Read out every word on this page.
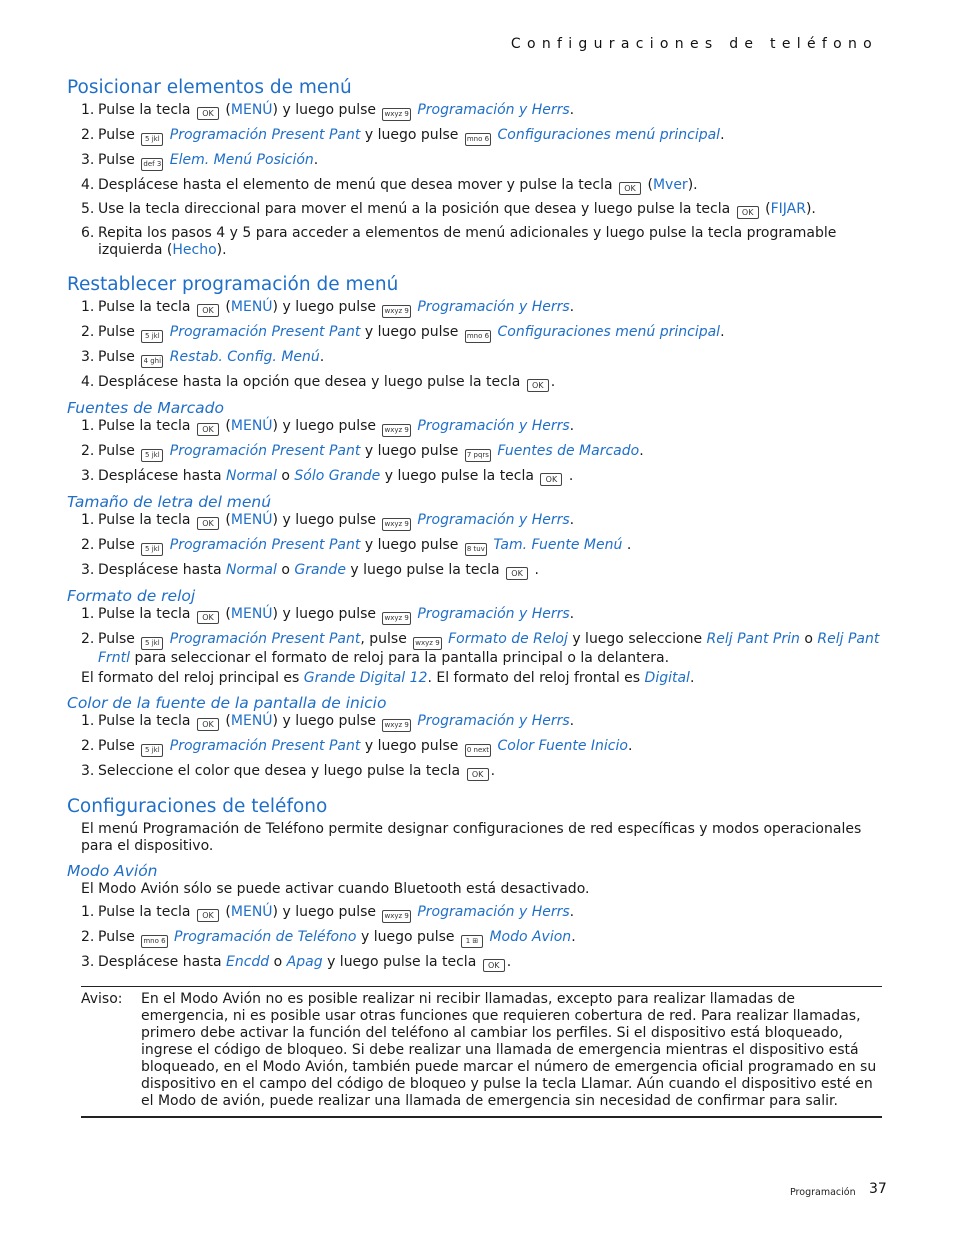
Configuraciones de teléfono
Posicionar elementos de menú
1. Pulse la tecla OK (MENÚ) y luego pulse wxyz 9 Programación y Herrs.
2. Pulse 5 jkl Programación Present Pant y luego pulse mno 6 Configuraciones menú principal.
3. Pulse def 3 Elem. Menú Posición.
4. Desplácese hasta el elemento de menú que desea mover y pulse la tecla OK (Mver).
5. Use la tecla direccional para mover el menú a la posición que desea y luego pulse la tecla OK (FIJAR).
6. Repita los pasos 4 y 5 para acceder a elementos de menú adicionales y luego pulse la tecla programable izquierda (Hecho).
Restablecer programación de menú
1. Pulse la tecla OK (MENÚ) y luego pulse wxyz 9 Programación y Herrs.
2. Pulse 5 jkl Programación Present Pant y luego pulse mno 6 Configuraciones menú principal.
3. Pulse 4 ghi Restab. Config. Menú.
4. Desplácese hasta la opción que desea y luego pulse la tecla OK .
Fuentes de Marcado
1. Pulse la tecla OK (MENÚ) y luego pulse wxyz 9 Programación y Herrs.
2. Pulse 5 jkl Programación Present Pant y luego pulse 7 pqrs Fuentes de Marcado.
3. Desplácese hasta Normal o Sólo Grande y luego pulse la tecla OK .
Tamaño de letra del menú
1. Pulse la tecla OK (MENÚ) y luego pulse wxyz 9 Programación y Herrs.
2. Pulse 5 jkl Programación Present Pant y luego pulse 8 tuv Tam. Fuente Menú .
3. Desplácese hasta Normal o Grande y luego pulse la tecla OK .
Formato de reloj
1. Pulse la tecla OK (MENÚ) y luego pulse wxyz 9 Programación y Herrs.
2. Pulse 5 jkl Programación Present Pant, pulse wxyz 9 Formato de Reloj y luego seleccione Relj Pant Prin o Relj Pant Frntl para seleccionar el formato de reloj para la pantalla principal o la delantera.

El formato del reloj principal es Grande Digital 12. El formato del reloj frontal es Digital.

Color de la fuente de la pantalla de inicio
1. Pulse la tecla OK (MENÚ) y luego pulse wxyz 9 Programación y Herrs.
2. Pulse 5 jkl Programación Present Pant y luego pulse 0 next Color Fuente Inicio.
3. Seleccione el color que desea y luego pulse la tecla OK .
Configuraciones de teléfono

El menú Programación de Teléfono permite designar configuraciones de red específicas y modos operacionales para el dispositivo.

Modo Avión

El Modo Avión sólo se puede activar cuando Bluetooth está desactivado.

1. Pulse la tecla OK (MENÚ) y luego pulse wxyz 9 Programación y Herrs.
2. Pulse mno 6 Programación de Teléfono y luego pulse 1 ⊞ Modo Avion.
3. Desplácese hasta Encdd o Apag y luego pulse la tecla OK .
Aviso:	En el Modo Avión no es posible realizar ni recibir llamadas, excepto para realizar llamadas de emergencia, ni es posible usar otras funciones que requieren cobertura de red. Para realizar llamadas, primero debe activar la función del teléfono al cambiar los perfiles. Si el dispositivo está bloqueado, ingrese el código de bloqueo. Si debe realizar una llamada de emergencia mientras el dispositivo está bloqueado, en el Modo Avión, también puede marcar el número de emergencia oficial programado en su dispositivo en el campo del código de bloqueo y pulse la tecla Llamar. Aún cuando el dispositivo esté en el Modo de avión, puede realizar una llamada de emergencia sin necesidad de confirmar para salir.
Programación 37
